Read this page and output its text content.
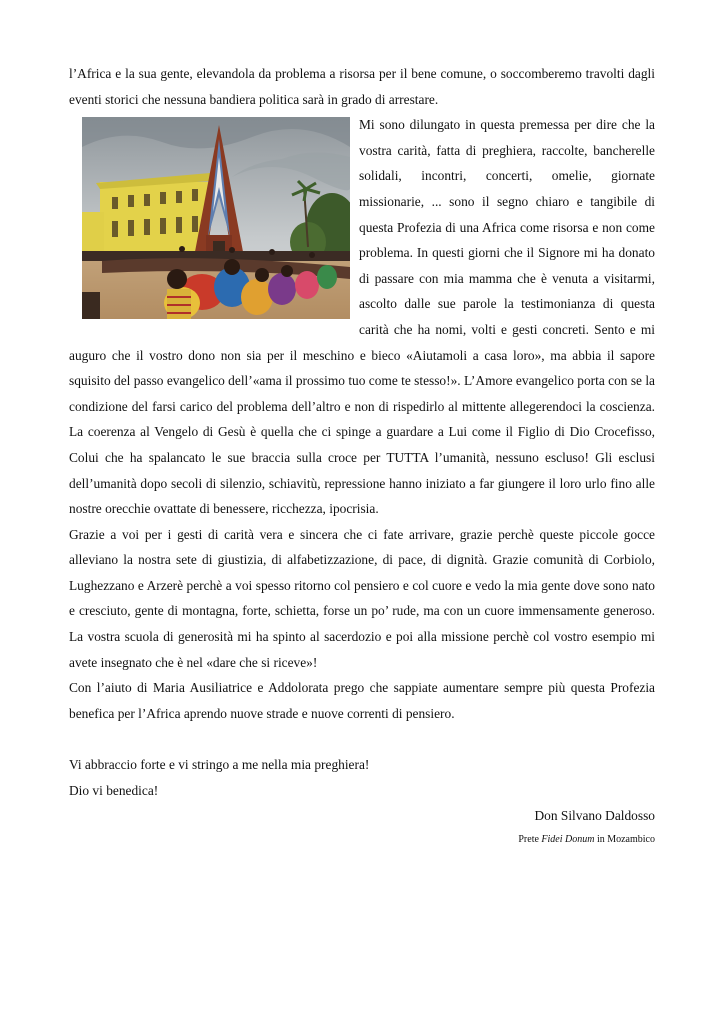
l’Africa e la sua gente, elevandola da problema a risorsa per il bene comune, o soccomberemo travolti dagli eventi storici che nessuna bandiera politica sarà in grado di arrestare.

Mi sono dilungato in questa premessa per dire che la vostra carità, fatta di preghiera, raccolte, bancherelle solidali, incontri, concerti, omelie, giornate missionarie, ... sono il segno chiaro e tangibile di questa Profezia di una Africa come risorsa e non come problema. In questi giorni che il Signore mi ha donato di passare con mia mamma che è venuta a visitarmi, ascolto dalle sue parole la testimonianza di questa carità che ha nomi, volti e gesti concreti. Sento e mi auguro che il vostro dono non sia per il meschino e bieco «Aiutamoli a casa loro», ma abbia il sapore squisito del passo evangelico dell’«ama il prossimo tuo come te stesso!». L’Amore evangelico porta con se la condizione del farsi carico del problema dell’altro e non di rispedirlo al mittente allegerendoci la coscienza. La coerenza al Vengelo di Gesù è quella che ci spinge a guardare a Lui come il Figlio di Dio Crocefisso, Colui che ha spalancato le sue braccia sulla croce per TUTTA l’umanità, nessuno escluso! Gli esclusi dell’umanità dopo secoli di silenzio, schiavitù, repressione hanno iniziato a far giungere il loro urlo fino alle nostre orecchie ovattate di benessere, ricchezza, ipocrisia.

Grazie a voi per i gesti di carità vera e sincera che ci fate arrivare, grazie perchè queste piccole gocce alleviano la nostra sete di giustizia, di alfabetizzazione, di pace, di dignità. Grazie comunità di Corbiolo, Lughezzano e Arzerè perchè a voi spesso ritorno col pensiero e col cuore e vedo la mia gente dove sono nato e cresciuto, gente di montagna, forte, schietta, forse un po’ rude, ma con un cuore immensamente generoso. La vostra scuola di generosità mi ha spinto al sacerdozio e poi alla missione perchè col vostro esempio mi avete insegnato che è nel «dare che si riceve»!

Con l’aiuto di Maria Ausiliatrice e Addolorata prego che sappiate aumentare sempre più questa Profezia benefica per l’Africa aprendo nuove strade e nuove correnti di pensiero.

Vi abbraccio forte e vi stringo a me nella mia preghiera!

Dio vi benedica!

Don Silvano Daldosso
Prete Fidei Donum in Mozambico
